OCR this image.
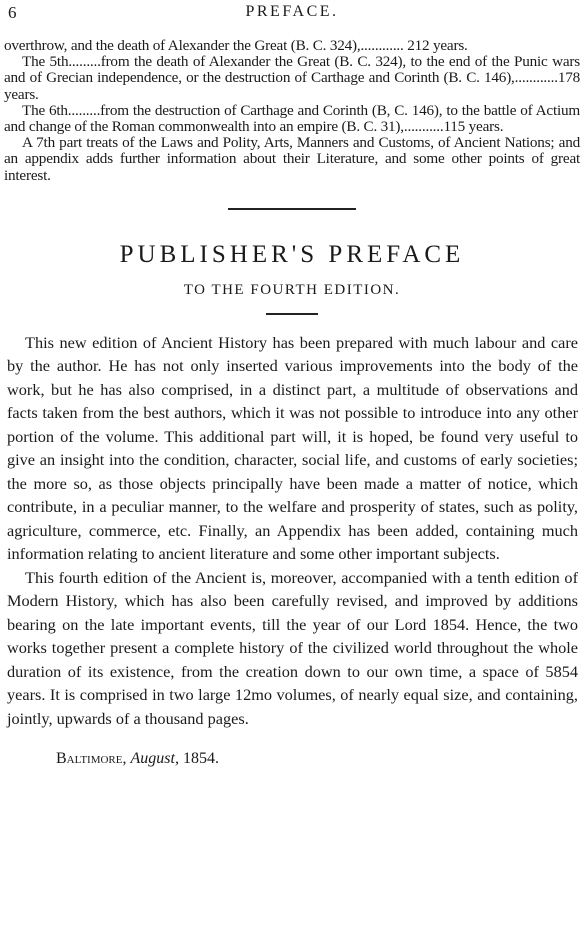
6	PREFACE.

overthrow, and the death of Alexander the Great (B. C. 324),............ 212 years.

The 5th.........from the death of Alexander the Great (B. C. 324), to the end of the Punic wars and of Grecian independence, or the destruction of Carthage and Corinth (B. C. 146),............178 years.

The 6th.........from the destruction of Carthage and Corinth (B, C. 146), to the battle of Actium and change of the Roman commonwealth into an empire (B. C. 31),...........115 years.

A 7th part treats of the Laws and Polity, Arts, Manners and Customs, of Ancient Nations; and an appendix adds further information about their Literature, and some other points of great interest.

PUBLISHER'S PREFACE
TO THE FOURTH EDITION.

This new edition of Ancient History has been prepared with much labour and care by the author. He has not only inserted various improvements into the body of the work, but he has also comprised, in a distinct part, a multitude of observations and facts taken from the best authors, which it was not possible to introduce into any other portion of the volume. This additional part will, it is hoped, be found very useful to give an insight into the condition, character, social life, and customs of early societies; the more so, as those objects principally have been made a matter of notice, which contribute, in a peculiar manner, to the welfare and prosperity of states, such as polity, agriculture, commerce, etc. Finally, an Appendix has been added, containing much information relating to ancient literature and some other important subjects.

This fourth edition of the Ancient is, moreover, accompanied with a tenth edition of Modern History, which has also been carefully revised, and improved by additions bearing on the late important events, till the year of our Lord 1854. Hence, the two works together present a complete history of the civilized world throughout the whole duration of its existence, from the creation down to our own time, a space of 5854 years. It is comprised in two large 12mo volumes, of nearly equal size, and containing, jointly, upwards of a thousand pages.

Baltimore, August, 1854.
